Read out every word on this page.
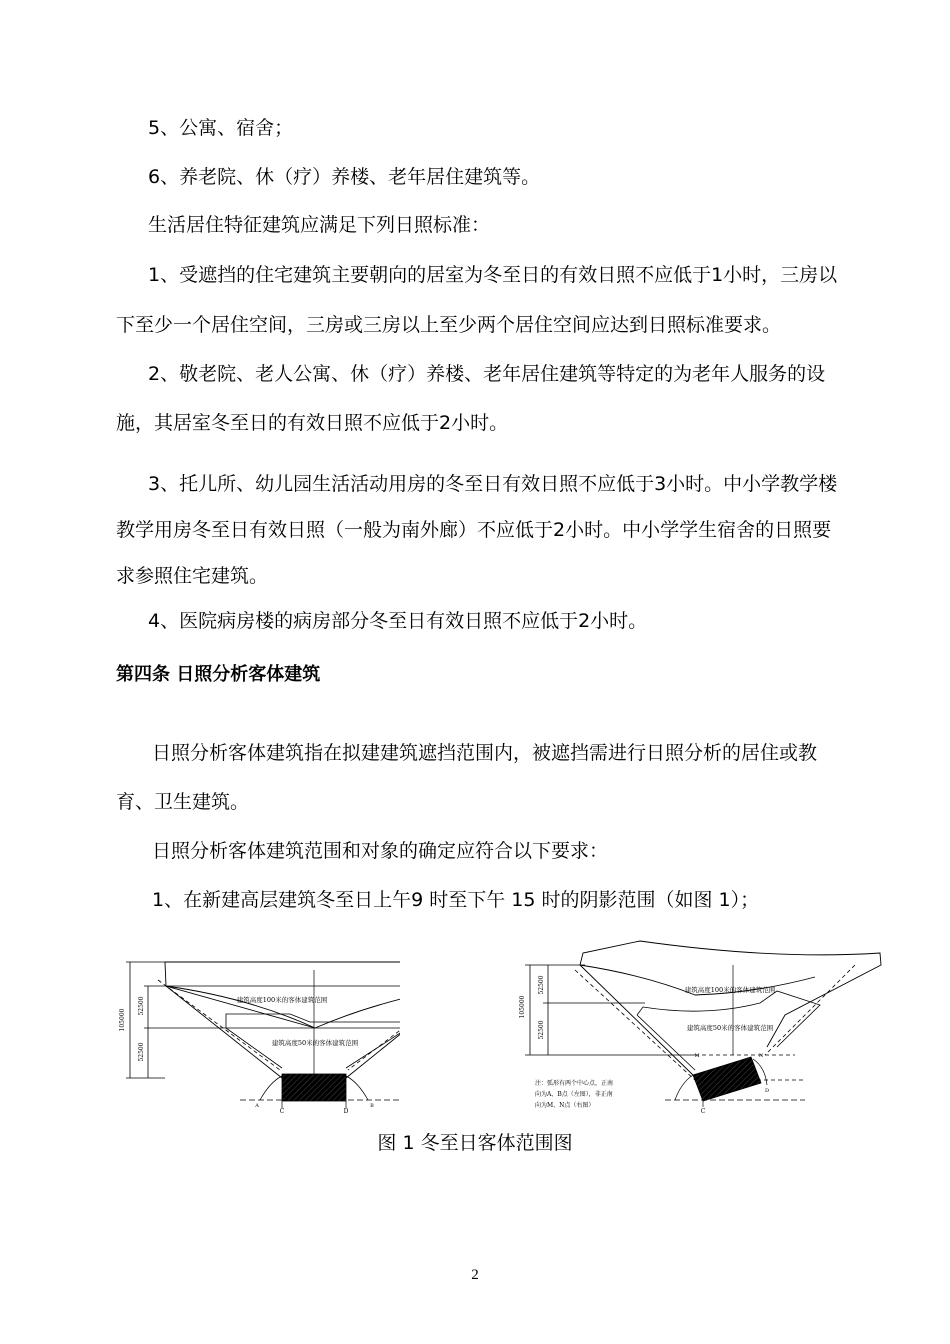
5、公寓、宿舍；
6、养老院、休（疗）养楼、老年居住建筑等。
生活居住特征建筑应满足下列日照标准：
1、受遮挡的住宅建筑主要朝向的居室为冬至日的有效日照不应低于1小时，三房以
下至少一个居住空间，三房或三房以上至少两个居住空间应达到日照标准要求。
2、敬老院、老人公寓、休（疗）养楼、老年居住建筑等特定的为老年人服务的设
施，其居室冬至日的有效日照不应低于2小时。
3、托儿所、幼儿园生活活动用房的冬至日有效日照不应低于3小时。中小学教学楼
教学用房冬至日有效日照（一般为南外廊）不应低于2小时。中小学学生宿舍的日照要
求参照住宅建筑。
4、医院病房楼的病房部分冬至日有效日照不应低于2小时。
第四条 日照分析客体建筑
日照分析客体建筑指在拟建建筑遮挡范围内，被遮挡需进行日照分析的居住或教
育、卫生建筑。
日照分析客体建筑范围和对象的确定应符合以下要求：
1、在新建高层建筑冬至日上午9 时至下午 15 时的阴影范围（如图 1）；
105000
52500
52500
建筑高度100米的客体建筑范围
建筑高度50米的客体建筑范围
C	D
A	B
105000
52500
52500
建筑高度100米的客体建筑范围
建筑高度50米的客体建筑范围
注：弧形有两个中心点，正南
向为A、B点（左图），非正南
向为M、N点（右图）
C
D
M	N
图 1 冬至日客体范围图
2
